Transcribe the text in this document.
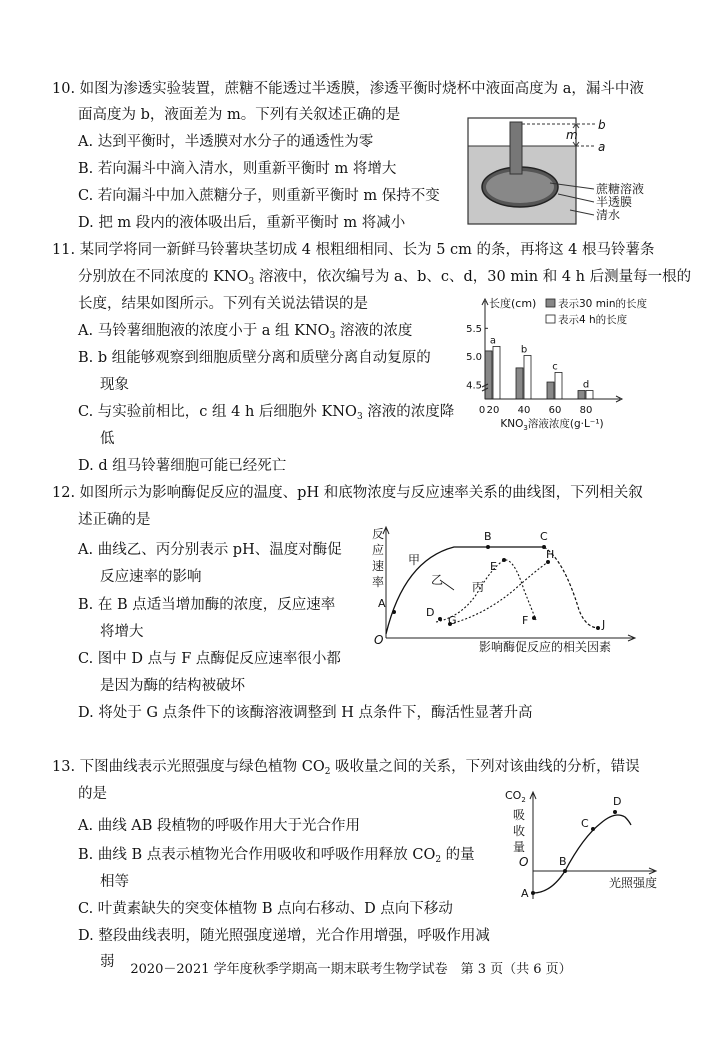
10. 如图为渗透实验装置，蔗糖不能透过半透膜，渗透平衡时烧杯中液面高度为 a，漏斗中液
面高度为 b，液面差为 m。下列有关叙述正确的是
A. 达到平衡时，半透膜对水分子的通透性为零
B. 若向漏斗中滴入清水，则重新平衡时 m 将增大
C. 若向漏斗中加入蔗糖分子，则重新平衡时 m 保持不变
D. 把 m 段内的液体吸出后，重新平衡时 m 将减小
b
m
a
蔗糖溶液
半透膜
清水
11. 某同学将同一新鲜马铃薯块茎切成 4 根粗细相同、长为 5 cm 的条，再将这 4 根马铃薯条
分别放在不同浓度的 $KNO_3$ 溶液中，依次编号为 a、b、c、d，30 min 和 4 h 后测量每一根的
长度，结果如图所示。下列有关说法错误的是
A. 马铃薯细胞液的浓度小于 a 组 $KNO_3$ 溶液的浓度
B. b 组能够观察到细胞质壁分离和质壁分离自动复原的
现象
C. 与实验前相比，c 组 4 h 后细胞外 $KNO_3$ 溶液的浓度降
低
D. d 组马铃薯细胞可能已经死亡
4.5
5.0
5.5
20
a
40
b
60
c
80
d
长度(cm)
0
$KNO_3$溶液浓度(g·L⁻¹)
表示30 min的长度
表示4 h的长度
12. 如图所示为影响酶促反应的温度、pH 和底物浓度与反应速率关系的曲线图，下列相关叙
述正确的是
A. 曲线乙、丙分别表示 pH、温度对酶促
反应速率的影响
B. 在 B 点适当增加酶的浓度，反应速率
将增大
C. 图中 D 点与 F 点酶促反应速率很小都
是因为酶的结构被破坏
D. 将处于 G 点条件下的该酶溶液调整到 H 点条件下，酶活性显著升高
反
应
速
率
O	影响酶促反应的相关因素
甲
乙 丙
A
B	C
D
E
F
G
H
J
13. 下图曲线表示光照强度与绿色植物 $CO_2$ 吸收量之间的关系，下列对该曲线的分析，错误
的是
A. 曲线 AB 段植物的呼吸作用大于光合作用
B. 曲线 B 点表示植物光合作用吸收和呼吸作用释放 $CO_2$ 的量
相等
C. 叶黄素缺失的突变体植物 B 点向右移动、D 点向下移动
D. 整段曲线表明，随光照强度递增，光合作用增强，呼吸作用减
弱
$CO_2$
吸
收
量
O
光照强度
A
B
C
D
2020－2021 学年度秋季学期高一期末联考生物学试卷　第 3 页（共 6 页）
